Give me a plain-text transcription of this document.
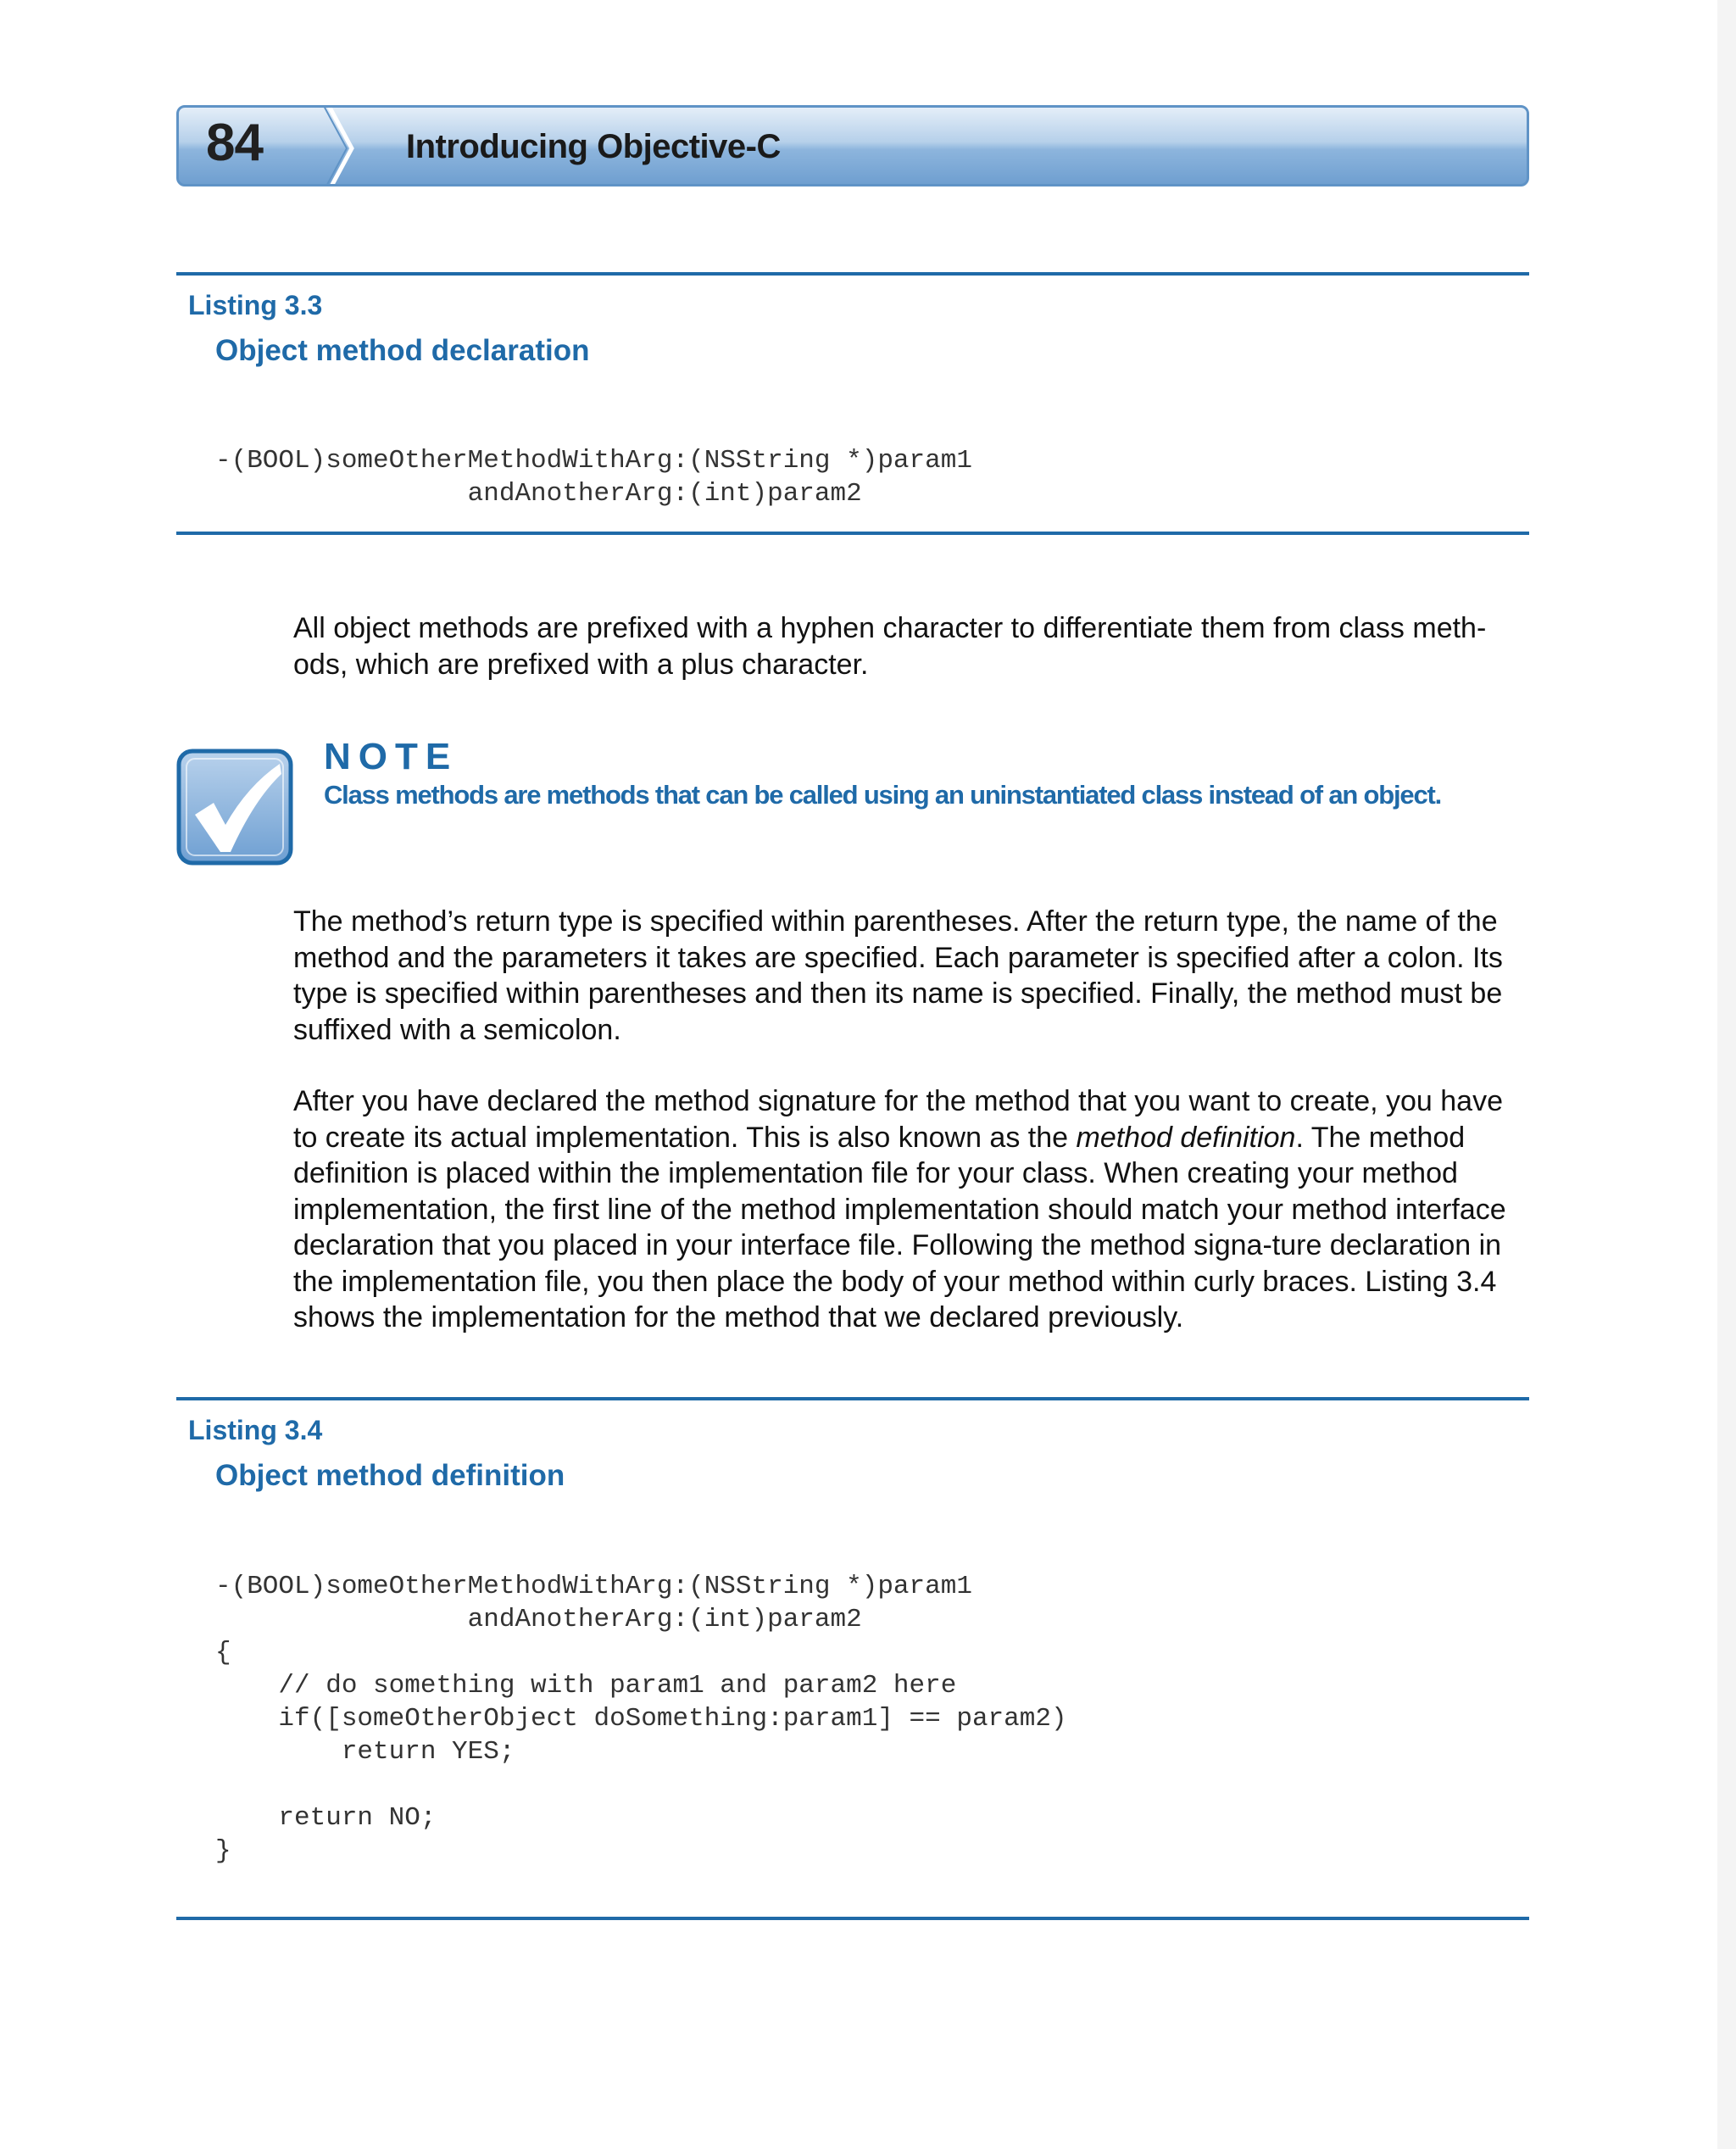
84	Introducing Objective-C
Listing 3.3
Object method declaration
-(BOOL)someOtherMethodWithArg:(NSString *)param1
andAnotherArg:(int)param2

All object methods are prefixed with a hyphen character to differentiate them from class meth-
ods, which are prefixed with a plus character.

NOTE
Class methods are methods that can be called using an uninstantiated class instead of an object.

The method’s return type is specified within parentheses. After the return type, the name of the method and the parameters it takes are specified. Each parameter is specified after a colon. Its type is specified within parentheses and then its name is specified. Finally, the method must be suffixed with a semicolon.

After you have declared the method signature for the method that you want to create, you have to create its actual implementation. This is also known as the method definition. The method definition is placed within the implementation file for your class. When creating your method implementation, the first line of the method implementation should match your method interface declaration that you placed in your interface file. Following the method signa-ture declaration in the implementation file, you then place the body of your method within curly braces. Listing 3.4 shows the implementation for the method that we declared previously.

Listing 3.4
Object method definition
-(BOOL)someOtherMethodWithArg:(NSString *)param1
andAnotherArg:(int)param2
{
// do something with param1 and param2 here
if([someOtherObject doSomething:param1] == param2)
return YES;

return NO;
}
